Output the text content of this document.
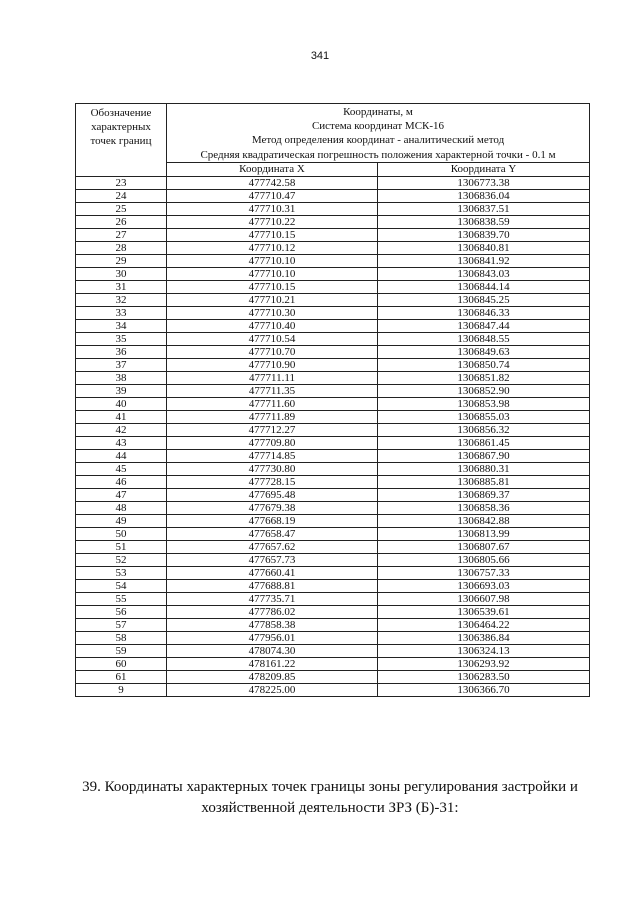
341
Обозначение
характерных
точек границ	Координаты, м
Система координат МСК-16
Метод определения координат - аналитический метод
Средняя квадратическая погрешность положения характерной точки - 0.1 м	

	Координата X	Координата Y
23	477742.58	1306773.38
24	477710.47	1306836.04
25	477710.31	1306837.51
26	477710.22	1306838.59
27	477710.15	1306839.70
28	477710.12	1306840.81
29	477710.10	1306841.92
30	477710.10	1306843.03
31	477710.15	1306844.14
32	477710.21	1306845.25
33	477710.30	1306846.33
34	477710.40	1306847.44
35	477710.54	1306848.55
36	477710.70	1306849.63
37	477710.90	1306850.74
38	477711.11	1306851.82
39	477711.35	1306852.90
40	477711.60	1306853.98
41	477711.89	1306855.03
42	477712.27	1306856.32
43	477709.80	1306861.45
44	477714.85	1306867.90
45	477730.80	1306880.31
46	477728.15	1306885.81
47	477695.48	1306869.37
48	477679.38	1306858.36
49	477668.19	1306842.88
50	477658.47	1306813.99
51	477657.62	1306807.67
52	477657.73	1306805.66
53	477660.41	1306757.33
54	477688.81	1306693.03
55	477735.71	1306607.98
56	477786.02	1306539.61
57	477858.38	1306464.22
58	477956.01	1306386.84
59	478074.30	1306324.13
60	478161.22	1306293.92
61	478209.85	1306283.50
9	478225.00	1306366.70
39. Координаты характерных точек границы зоны регулирования застройки и
хозяйственной деятельности ЗРЗ (Б)-31:
